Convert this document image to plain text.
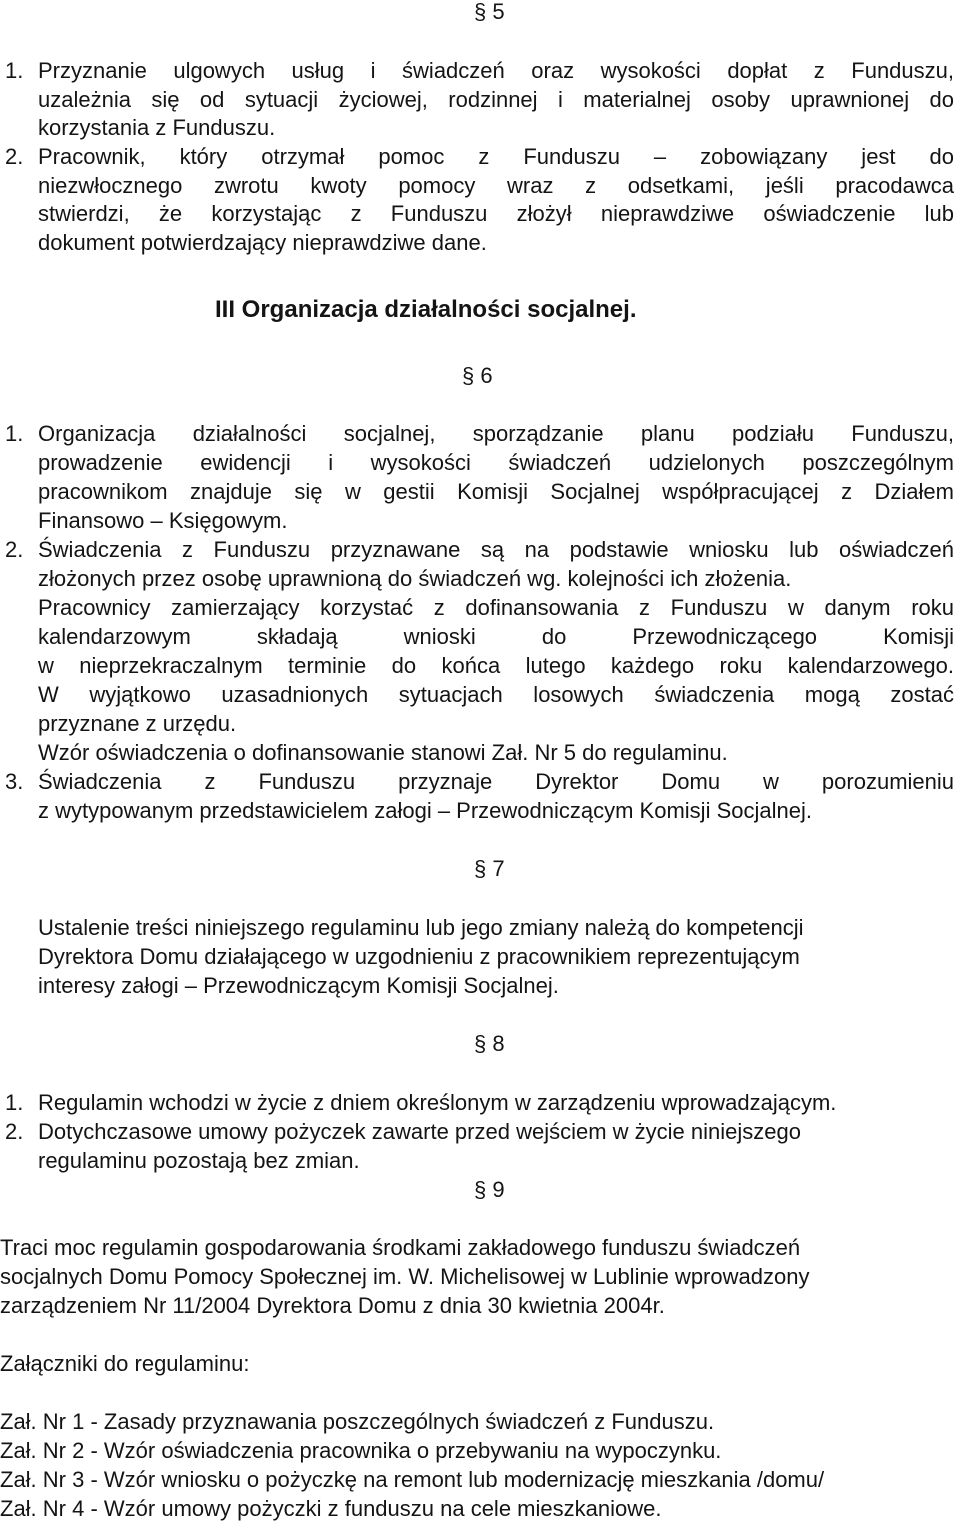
§ 5
1. Przyznanie ulgowych usług i świadczeń oraz wysokości dopłat z Funduszu,
uzależnia się od sytuacji życiowej, rodzinnej i materialnej osoby uprawnionej do
korzystania z Funduszu.
2. Pracownik, który otrzymał pomoc z Funduszu – zobowiązany jest do
niezwłocznego zwrotu kwoty pomocy wraz z odsetkami, jeśli pracodawca
stwierdzi, że korzystając z Funduszu złożył nieprawdziwe oświadczenie lub
dokument potwierdzający nieprawdziwe dane.
III Organizacja działalności socjalnej.
§ 6
1. Organizacja działalności socjalnej, sporządzanie planu podziału Funduszu,
prowadzenie ewidencji i wysokości świadczeń udzielonych poszczególnym
pracownikom znajduje się w gestii Komisji Socjalnej współpracującej z Działem
Finansowo – Księgowym.
2. Świadczenia z Funduszu przyznawane są na podstawie wniosku lub oświadczeń
złożonych przez osobę uprawnioną do świadczeń wg. kolejności ich złożenia.
Pracownicy zamierzający korzystać z dofinansowania z Funduszu w danym roku
kalendarzowym składają wnioski do Przewodniczącego Komisji
w nieprzekraczalnym terminie do końca lutego każdego roku kalendarzowego.
W wyjątkowo uzasadnionych sytuacjach losowych świadczenia mogą zostać
przyznane z urzędu.
Wzór oświadczenia o dofinansowanie stanowi Zał. Nr 5 do regulaminu.
3. Świadczenia z Funduszu przyznaje Dyrektor Domu w porozumieniu
z wytypowanym przedstawicielem załogi – Przewodniczącym Komisji Socjalnej.
§ 7
Ustalenie treści niniejszego regulaminu lub jego zmiany należą do kompetencji
Dyrektora Domu działającego w uzgodnieniu z pracownikiem reprezentującym
interesy załogi – Przewodniczącym Komisji Socjalnej.
§ 8
1. Regulamin wchodzi w życie z dniem określonym w zarządzeniu wprowadzającym.
2. Dotychczasowe umowy pożyczek zawarte przed wejściem w życie niniejszego
regulaminu pozostają bez zmian.
§ 9
Traci moc regulamin gospodarowania środkami zakładowego funduszu świadczeń
socjalnych Domu Pomocy Społecznej im. W. Michelisowej w Lublinie wprowadzony
zarządzeniem Nr 11/2004 Dyrektora Domu z dnia 30 kwietnia 2004r.
Załączniki do regulaminu:
Zał. Nr 1 - Zasady przyznawania poszczególnych świadczeń z Funduszu.
Zał. Nr 2 - Wzór oświadczenia pracownika o przebywaniu na wypoczynku.
Zał. Nr 3 - Wzór wniosku o pożyczkę na remont lub modernizację mieszkania /domu/
Zał. Nr 4 - Wzór umowy pożyczki z funduszu na cele mieszkaniowe.
